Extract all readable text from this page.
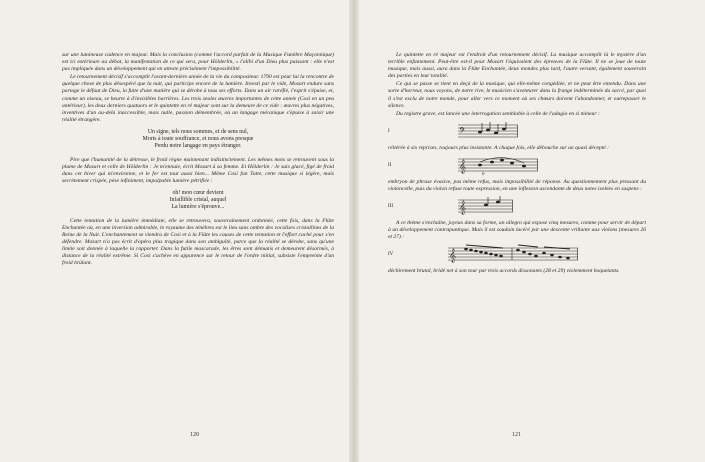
sur une lumineuse cadence en majeur. Mais la conclusion (comme l'accord parfait de la Musique Funèbre Maçonnique) est ici extérieure au débat, la manifestation de ce qui sera, pour Hölderlin, « l'alibi d'un Dieu plus puissant : elle n'est pas impliquée dans un développement qui en atteste précisément l'impossibilité.

Le retournement décisif s'accomplit l'avant-dernière année de la vie du compositeur. 1790 est pour lui la rencontre de quelque chose de plus désespéré que la nuit, qui participe encore de la lumière. Investi par le vide, Mozart endure sans partage le défaut de Dieu, la fuite d'une matière qui se dérobe à tous ses efforts. Dans un air raréfié, l'esprit s'épuise, et, comme un oiseau, se heurte à d'invisibles barrières. Les trois seules œuvres importantes de cette année (Così en un peu antérieur), les deux derniers quatuors et le quintette en ré majeur sont sur la demeure de ce vide : œuvres plus négatives, inventives d'un au-delà inaccessible, mais nulle, passion démembrée, où un langage mécanique s'épuise à saisir une réalité étrangère.

Un signe, tels nous sommes, et de sens nul,
Morts à toute souffrance, et nous avons presque
Perdu notre langage en pays étranger.

Pire que l'humanité de la détresse, le froid règne maintenant indistinctement. Les mêmes mots se retrouvent sous la plume de Mozart et celle de Hölderlin : Je m'ennuie, écrit Mozart à sa femme. Et Hölderlin : Je suis glacé, figé de froid dans cet hiver qui m'environne, et le fer est tout aussi bien... Même Così fan Tutte, cette musique si légère, mais secrètement crispée, pèse infiniment, impalpable lumière pétrifiée :

oh! mon cœur devient
Infaillible cristal, auquel
La lumière s'éprouve...

Cette tentation de la lumière immédiate, elle se retrouvera, souverainement ordonnée, cette fois, dans la Flûte Enchantée où, en une inversion admirable, le royaume des ténèbres est le lieu sans ombre des vocalises cristallines de la Reine de la Nuit. L'enchantement se viendra de Così et à la Flûte les causes de cette tentation et l'effort caché pour s'en défendre. Mozart n'a pas écrit d'opéra plus tragique dans son ambiguïté, parce que la réalité se dérobe, sans qu'une limite soit donnée à laquelle la rapporter. Dans la futile mascarade, les êtres sont démunis et demeurent désarmés, à distance de la réalité extrême. Si Così s'achève en apparence sur le retour de l'ordre initial, subsiste l'empreinte d'un froid brûlant.

120

Le quintette en ré majeur est l'endroit d'un retournement décisif. La musique accomplit là le mystère d'un terrible enfantement. Peut-être est-il pour Mozart l'équivalent des épreuves de la Flûte. Il ne se joue de toute musique, mais aussi, aura dans la Flûte Enchantée, deux mondes plus tard, l'autre versant, également souverain des parties en leur totalité.

Ce qui se passe se tient en deçà de la musique, qui elle-même congédiée, et ne peut être entendu. Dans une sorte d'horreur, nous voyons, de notre rive, le musicien s'aventurer dans la frange indéterminée du sacré, par quoi il s'est exclu de notre monde, pour aller vers ce moment où ses chœurs doivent l'abandonner, et outrepasser le silence.

Du registre grave, est lancée une interrogation semblable à celle de l'adagio en si mineur :

I	𝄢

réitérée à six reprises, toujours plus insistante. A chaque fois, elle débouche sur un quasi décepté :

II	𝄞
p

embryon de phrase évasive, pas même refus, mais impossibilité de réponse. Au questionnement plus pressant du violoncelle, puis du violon refuse toute expression, en une inflexion ascendante de deux notes isolées en suspens :

III	𝄞

A ce thème s'enchaîne, joyeux dans sa forme, un allegro qui expose cinq mesures, comme pour servir de départ à un développement contrapuntique. Mais il est soudain lacéré par une descente vrillante aux violons (mesures 26 et 27) :

IV	𝄞

déchirement brutal, bridé net à son tour par trois accords dissonants (28 et 29) violemment hoquetants.

121
